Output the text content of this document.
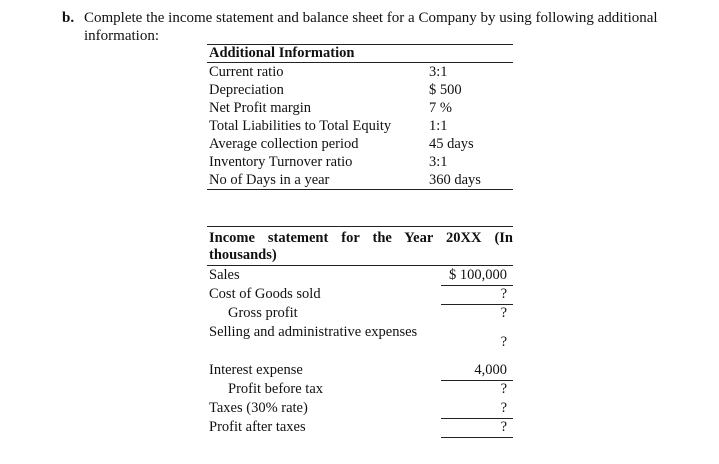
b. Complete the income statement and balance sheet for a Company by using following additional information:
Additional Information
Current ratio	3:1
Depreciation	$ 500
Net Profit margin	7 %
Total Liabilities to Total Equity	1:1
Average collection period	45 days
Inventory Turnover ratio	3:1
No of Days in a year	360 days
Income statement for the Year 20XX (In thousands)
Sales	$ 100,000
Cost of Goods sold	?
Gross profit	?
Selling and administrative expenses
?
Interest expense	4,000
Profit before tax	?
Taxes (30% rate)	?
Profit after taxes	?
